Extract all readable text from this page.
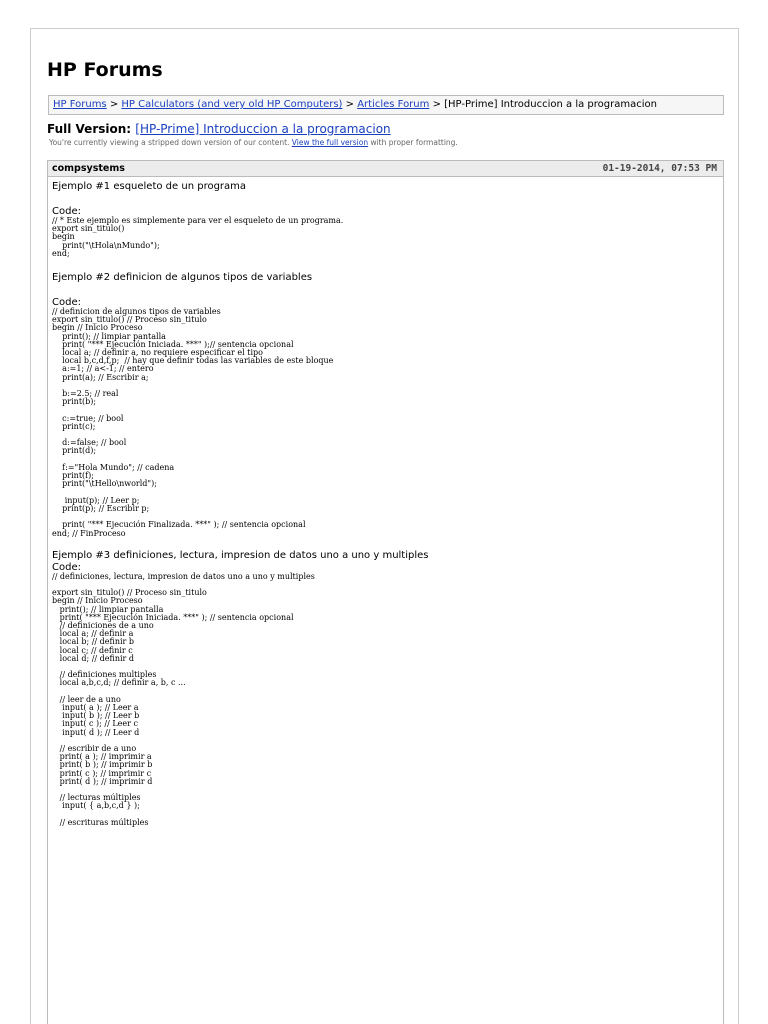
HP Forums
HP Forums > HP Calculators (and very old HP Computers) > Articles Forum > [HP-Prime] Introduccion a la programacion
Full Version: [HP-Prime] Introduccion a la programacion
You're currently viewing a stripped down version of our content. View the full version with proper formatting.
compsystems	01-19-2014, 07:53 PM
Ejemplo #1 esqueleto de un programa
Code:
// * Este ejemplo es simplemente para ver el esqueleto de un programa.
export sin_titulo()
begin
print("\tHola\nMundo");
end;
Ejemplo #2 definicion de algunos tipos de variables
Code:
// definicion de algunos tipos de variables
export sin_titulo() // Proceso sin_titulo
begin // Inicio Proceso
print(); // limpiar pantalla
print( "*** Ejecución Iniciada. ***" );// sentencia opcional
local a; // definir a, no requiere especificar el tipo
local b,c,d,f,p;  // hay que definir todas las variables de este bloque
a:=1; // a<-1; // entero
print(a); // Escribir a;

b:=2.5; // real
print(b);

c:=true; // bool
print(c);

d:=false; // bool
print(d);

f:="Hola Mundo"; // cadena
print(f);
print("\tHello\nworld");

input(p); // Leer p;
print(p); // Escribir p;

print( "*** Ejecución Finalizada. ***" ); // sentencia opcional
end; // FinProceso
Ejemplo #3 definiciones, lectura, impresion de datos uno a uno y multiples
Code:
// definiciones, lectura, impresion de datos uno a uno y multiples

export sin_titulo() // Proceso sin_titulo
begin // Inicio Proceso
print(); // limpiar pantalla
print( "*** Ejecución Iniciada. ***" ); // sentencia opcional
// definiciones de a uno
local a; // definir a
local b; // definir b
local c; // definir c
local d; // definir d

// definiciones multiples
local a,b,c,d; // definir a, b, c ...

// leer de a uno
input( a ); // Leer a
input( b ); // Leer b
input( c ); // Leer c
input( d ); // Leer d

// escribir de a uno
print( a ); // imprimir a
print( b ); // imprimir b
print( c ); // imprimir c
print( d ); // imprimir d

// lecturas múltiples
input( { a,b,c,d } );

// escrituras múltiples
